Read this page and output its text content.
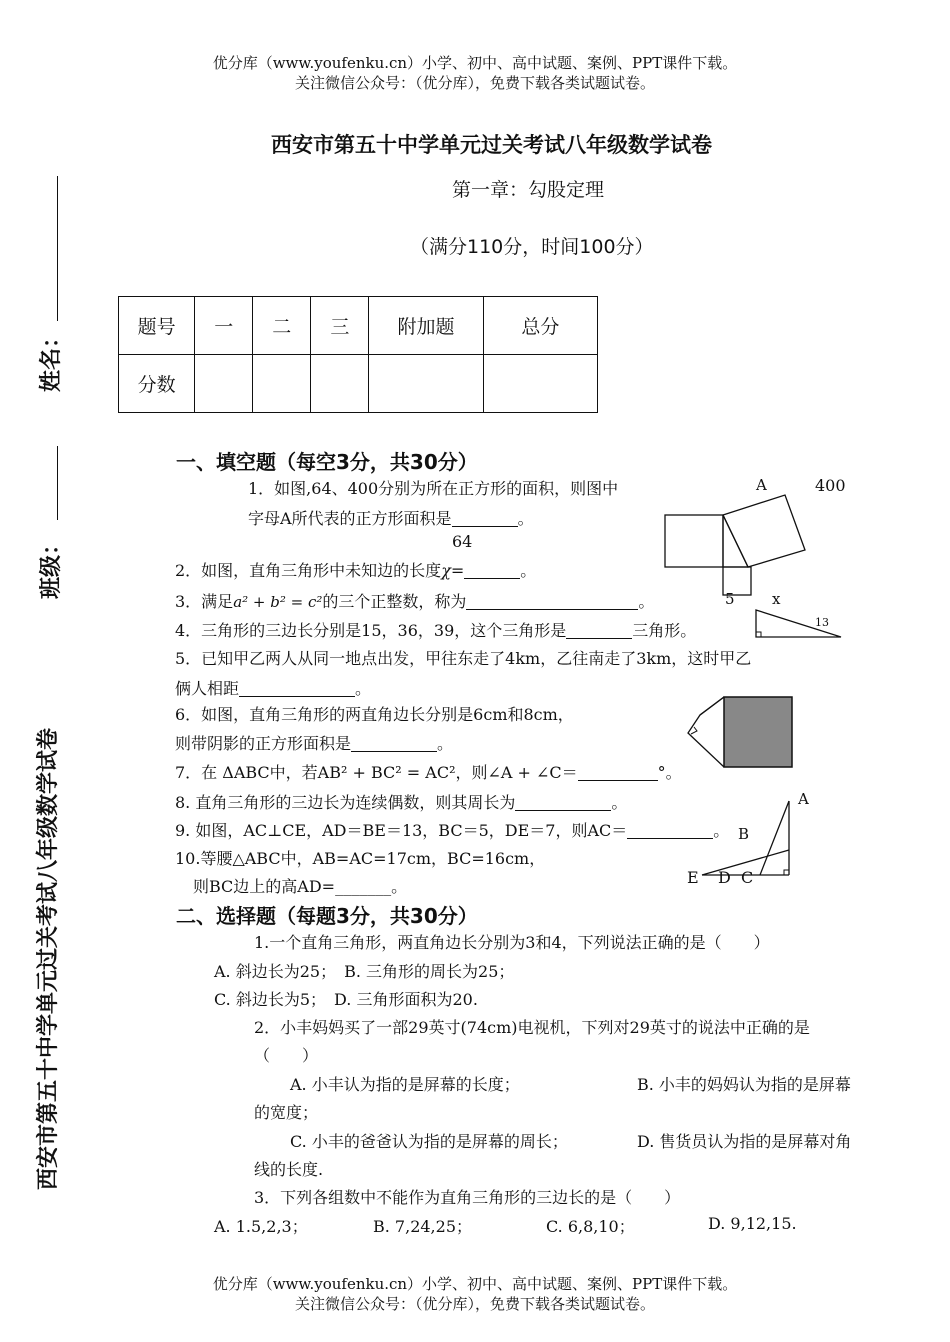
优分库（www.youfenku.cn）小学、初中、高中试题、案例、PPT课件下载。
关注微信公众号：（优分库），免费下载各类试题试卷。
姓名：
班级：
西安市第五十中学单元过关考试八年级数学试卷
西安市第五十中学单元过关考试八年级数学试卷
第一章：勾股定理
（满分110分，时间100分）
题号	一	二	三	附加题	总分
分数					
一、填空题（每空3分，共30分）
1．如图,64、400分别为所在正方形的面积，则图中
字母A所代表的正方形面积是	。
2．如图，直角三角形中未知边的长度χ=	。
3．满足a² + b² = c²的三个正整数，称为	。
4．三角形的三边长分别是15，36，39，这个三角形是	三角形。
5．已知甲乙两人从同一地点出发，甲往东走了4km，乙往南走了3km，这时甲乙
俩人相距	。
6．如图，直角三角形的两直角边长分别是6cm和8cm，
则带阴影的正方形面积是	。
7．在 ΔABC中，若AB² + BC² = AC²，则∠A + ∠C＝	°。
8. 直角三角形的三边长为连续偶数，则其周长为	。
9. 如图，AC⊥CE，AD＝BE＝13，BC＝5，DE＝7，则AC＝	。
10.等腰△ABC中，AB=AC=17cm，BC=16cm，
则BC边上的高AD=_______。
A	400
64
5 x
13
A
B
E D C
二、选择题（每题3分，共30分）
1.一个直角三角形，两直角边长分别为3和4，下列说法正确的是（　　）
A. 斜边长为25；　B. 三角形的周长为25；
C. 斜边长为5；　D. 三角形面积为20.
2．小丰妈妈买了一部29英寸(74cm)电视机，下列对29英寸的说法中正确的是
（　　）
A. 小丰认为指的是屏幕的长度；	B. 小丰的妈妈认为指的是屏幕
的宽度；
C. 小丰的爸爸认为指的是屏幕的周长；	D. 售货员认为指的是屏幕对角
线的长度.
3．下列各组数中不能作为直角三角形的三边长的是（　　）
A. 1.5,2,3；	B. 7,24,25；	C. 6,8,10；	D. 9,12,15.
优分库（www.youfenku.cn）小学、初中、高中试题、案例、PPT课件下载。
关注微信公众号：（优分库），免费下载各类试题试卷。
